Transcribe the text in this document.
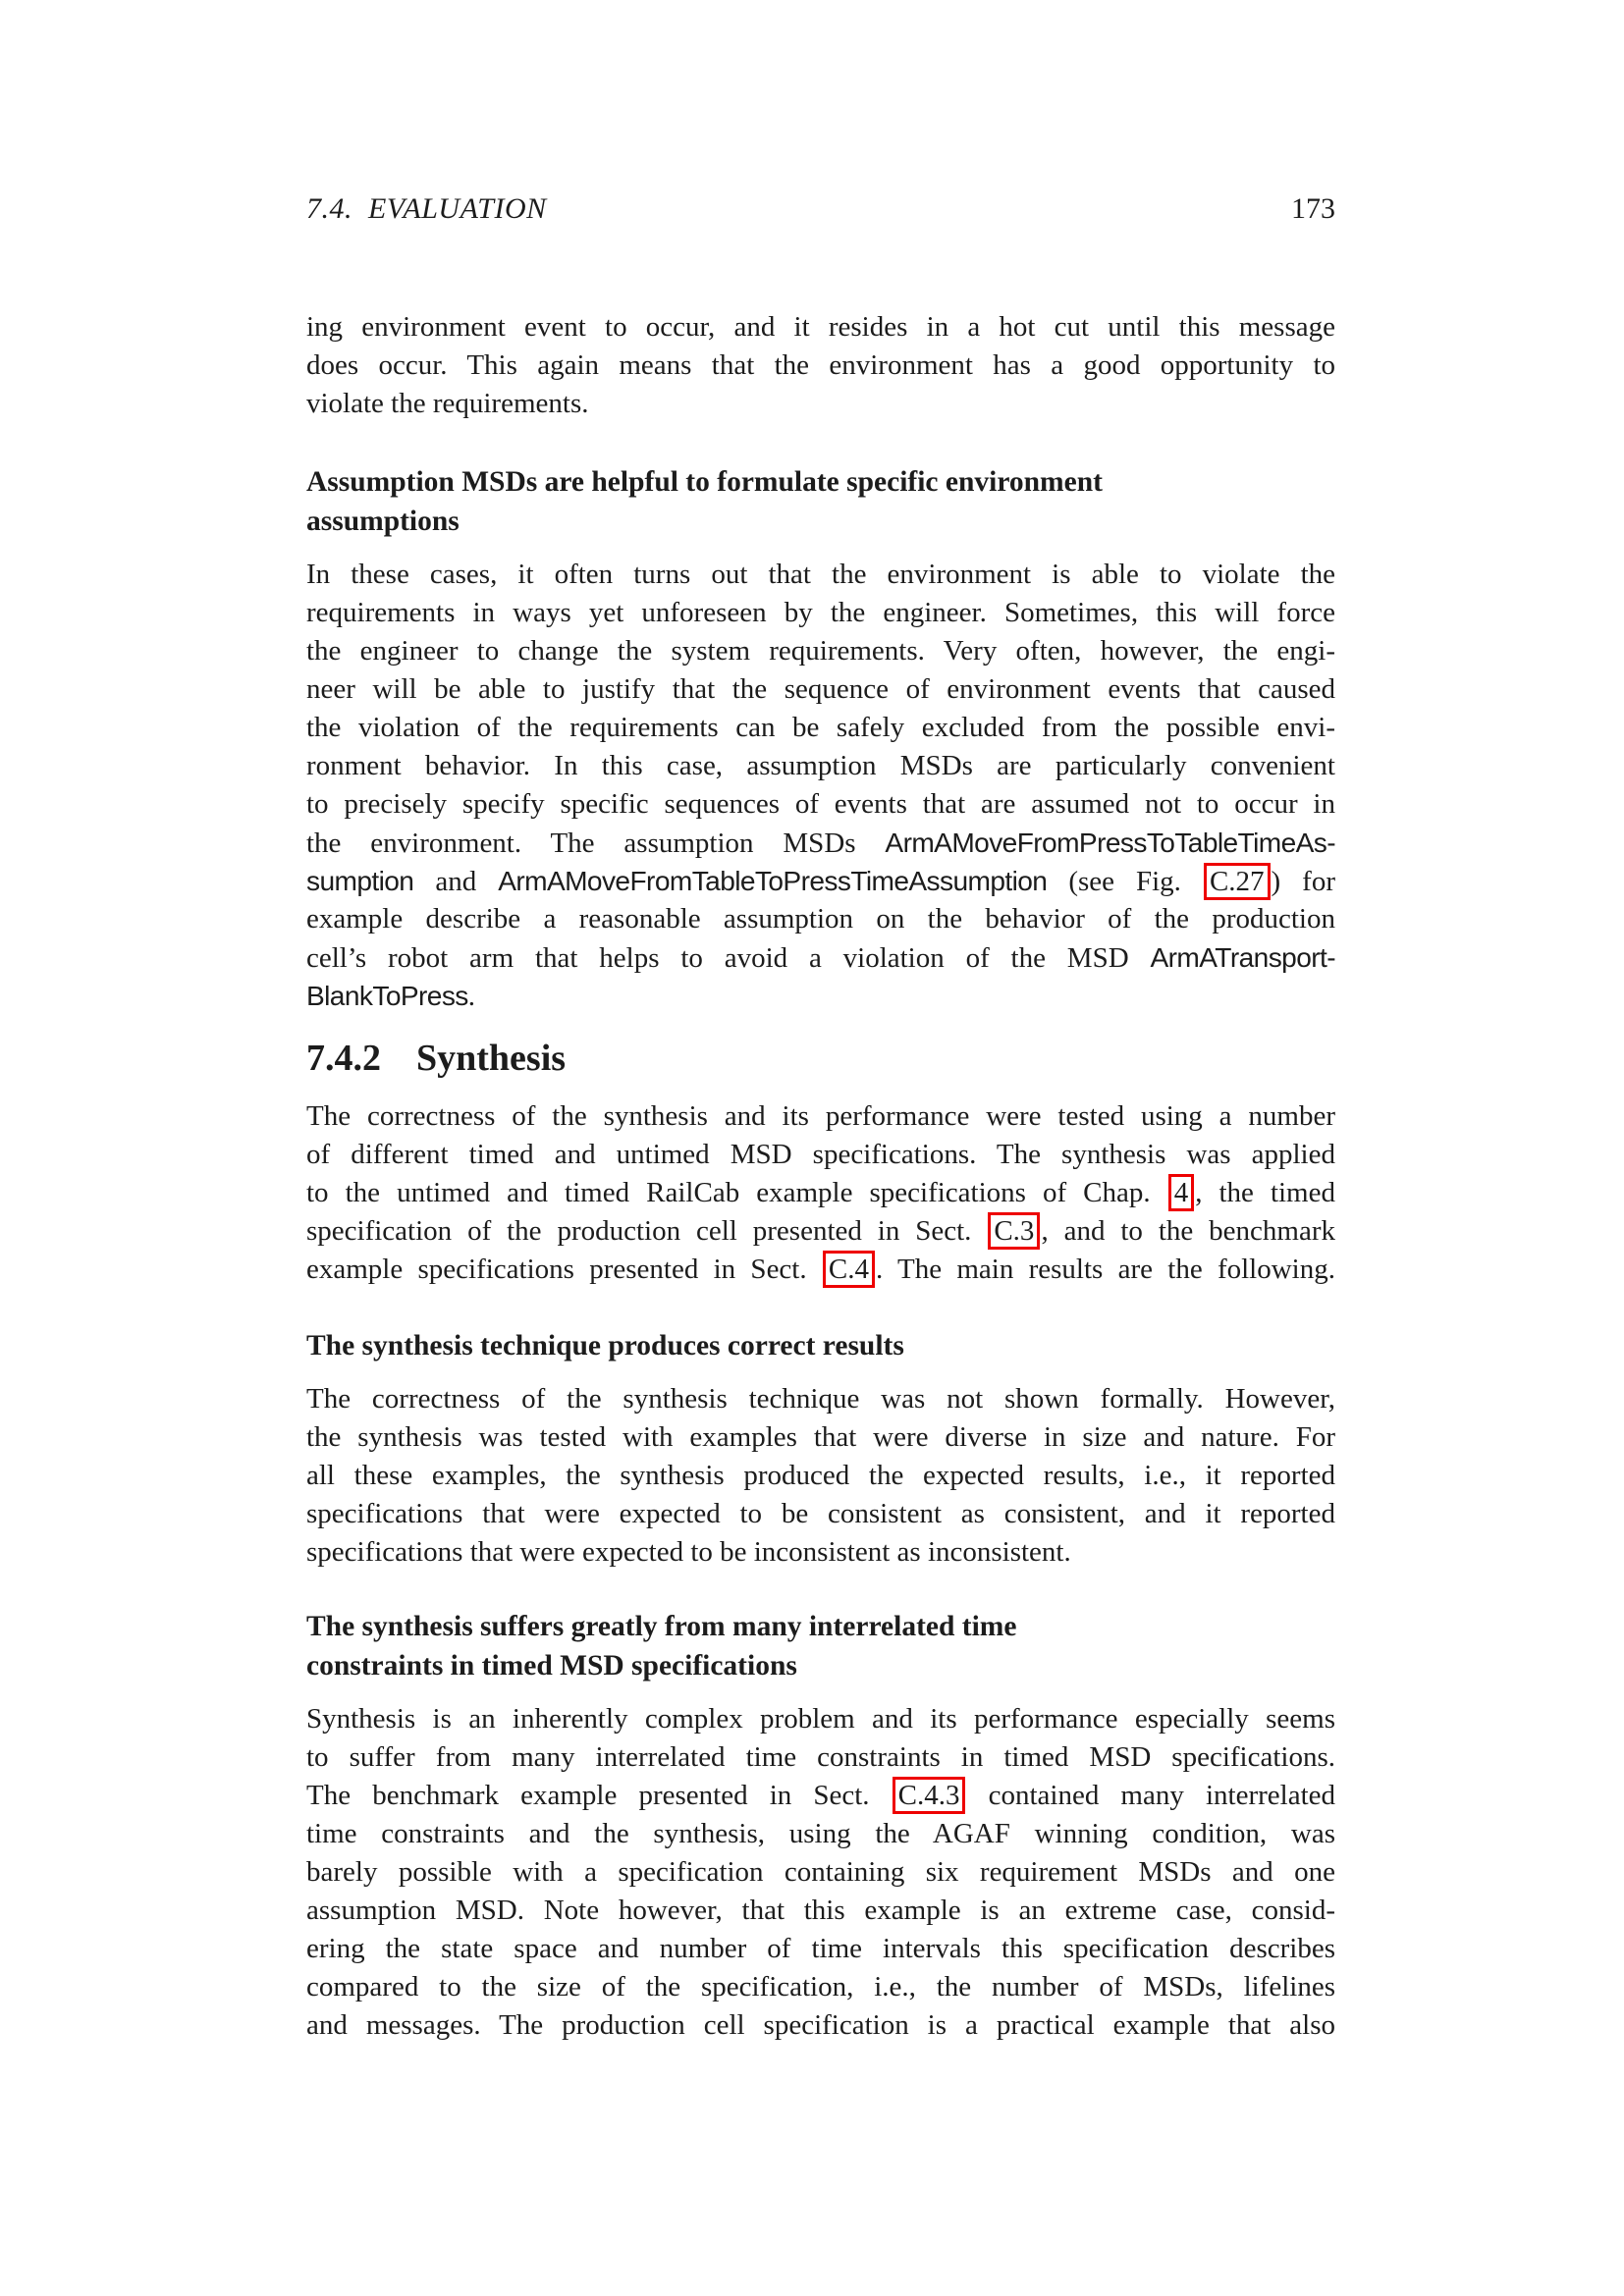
7.4.  EVALUATION	173
ing environment event to occur, and it resides in a hot cut until this message
does occur. This again means that the environment has a good opportunity to
violate the requirements.
Assumption MSDs are helpful to formulate specific environment
assumptions
In these cases, it often turns out that the environment is able to violate the
requirements in ways yet unforeseen by the engineer. Sometimes, this will force
the engineer to change the system requirements. Very often, however, the engi-
neer will be able to justify that the sequence of environment events that caused
the violation of the requirements can be safely excluded from the possible envi-
ronment behavior. In this case, assumption MSDs are particularly convenient
to precisely specify specific sequences of events that are assumed not to occur in
the environment. The assumption MSDs ArmAMoveFromPressToTableTimeAs-
sumption and ArmAMoveFromTableToPressTimeAssumption (see Fig. C.27 ) for
example describe a reasonable assumption on the behavior of the production
cell’s robot arm that helps to avoid a violation of the MSD ArmATransport-
BlankToPress.
7.4.2 Synthesis
The correctness of the synthesis and its performance were tested using a number
of different timed and untimed MSD specifications. The synthesis was applied
to the untimed and timed RailCab example specifications of Chap. 4 , the timed
specification of the production cell presented in Sect. C.3 , and to the benchmark
example specifications presented in Sect. C.4 . The main results are the following.
The synthesis technique produces correct results
The correctness of the synthesis technique was not shown formally. However,
the synthesis was tested with examples that were diverse in size and nature. For
all these examples, the synthesis produced the expected results, i.e., it reported
specifications that were expected to be consistent as consistent, and it reported
specifications that were expected to be inconsistent as inconsistent.
The synthesis suffers greatly from many interrelated time
constraints in timed MSD specifications
Synthesis is an inherently complex problem and its performance especially seems
to suffer from many interrelated time constraints in timed MSD specifications.
The benchmark example presented in Sect. C.4.3 contained many interrelated
time constraints and the synthesis, using the AGAF winning condition, was
barely possible with a specification containing six requirement MSDs and one
assumption MSD. Note however, that this example is an extreme case, consid-
ering the state space and number of time intervals this specification describes
compared to the size of the specification, i.e., the number of MSDs, lifelines
and messages. The production cell specification is a practical example that also
